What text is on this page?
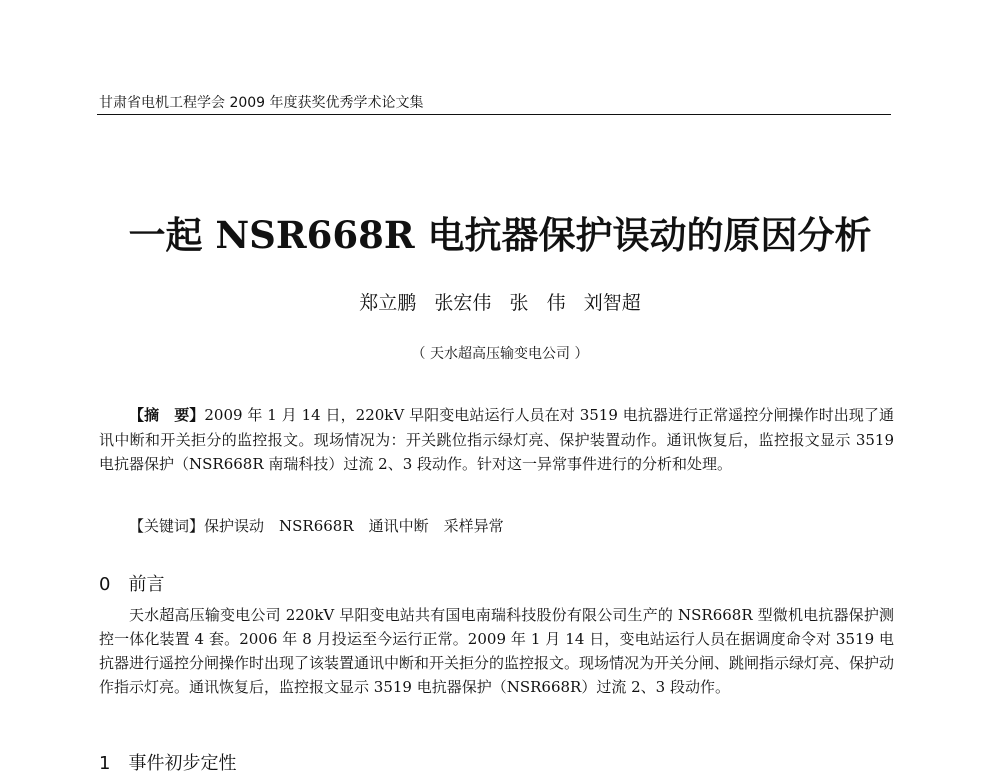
甘肃省电机工程学会 2009 年度获奖优秀学术论文集
一起 NSR668R 电抗器保护误动的原因分析
郑立鹏   张宏伟   张   伟   刘智超
（ 天水超高压输变电公司 ）

【摘　要】2009 年 1 月 14 日，220kV 早阳变电站运行人员在对 3519 电抗器进行正常遥控分闸操作时出现了通讯中断和开关拒分的监控报文。现场情况为：开关跳位指示绿灯亮、保护装置动作。通讯恢复后，监控报文显示 3519 电抗器保护（NSR668R 南瑞科技）过流 2、3 段动作。针对这一异常事件进行的分析和处理。

【关键词】保护误动　NSR668R　通讯中断　采样异常

0　 前言

天水超高压输变电公司 220kV 早阳变电站共有国电南瑞科技股份有限公司生产的 NSR668R 型微机电抗器保护测控一体化装置 4 套。2006 年 8 月投运至今运行正常。2009 年 1 月 14 日，变电站运行人员在据调度命令对 3519 电抗器进行遥控分闸操作时出现了该装置通讯中断和开关拒分的监控报文。现场情况为开关分闸、跳闸指示绿灯亮、保护动作指示灯亮。通讯恢复后，监控报文显示 3519 电抗器保护（NSR668R）过流 2、3 段动作。

1　 事件初步定性
